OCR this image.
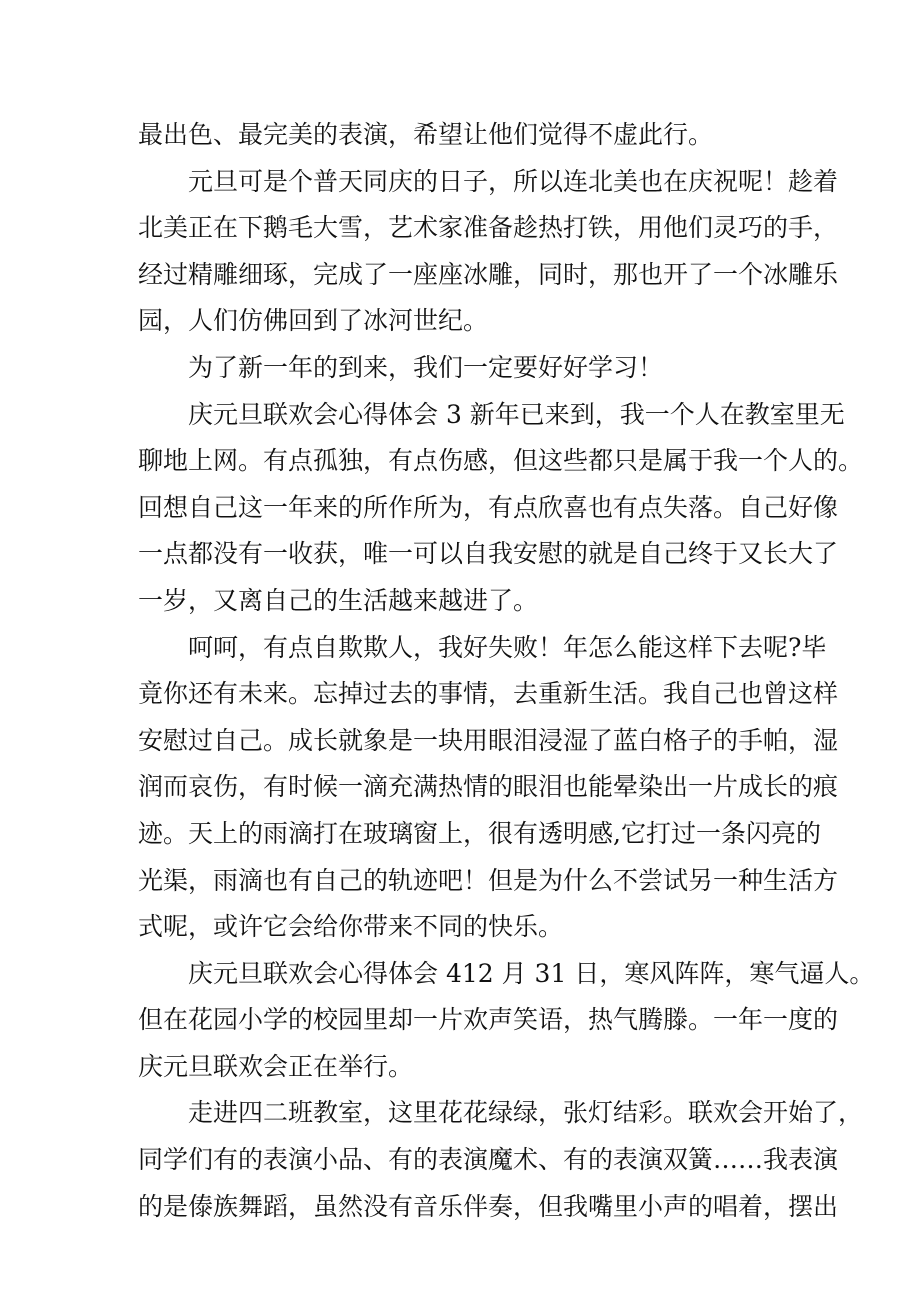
最出色、最完美的表演，希望让他们觉得不虚此行。
元旦可是个普天同庆的日子，所以连北美也在庆祝呢！趁着
北美正在下鹅毛大雪，艺术家准备趁热打铁，用他们灵巧的手，
经过精雕细琢，完成了一座座冰雕，同时，那也开了一个冰雕乐
园，人们仿佛回到了冰河世纪。
为了新一年的到来，我们一定要好好学习！
庆元旦联欢会心得体会 3 新年已来到，我一个人在教室里无
聊地上网。有点孤独，有点伤感，但这些都只是属于我一个人的。
回想自己这一年来的所作所为，有点欣喜也有点失落。自己好像
一点都没有一收获，唯一可以自我安慰的就是自己终于又长大了
一岁，又离自己的生活越来越进了。
呵呵，有点自欺欺人，我好失败！年怎么能这样下去呢?毕
竟你还有未来。忘掉过去的事情，去重新生活。我自己也曾这样
安慰过自己。成长就象是一块用眼泪浸湿了蓝白格子的手帕，湿
润而哀伤，有时候一滴充满热情的眼泪也能晕染出一片成长的痕
迹。天上的雨滴打在玻璃窗上，很有透明感,它打过一条闪亮的
光渠，雨滴也有自己的轨迹吧！但是为什么不尝试另一种生活方
式呢，或许它会给你带来不同的快乐。
庆元旦联欢会心得体会 412 月 31 日，寒风阵阵，寒气逼人。
但在花园小学的校园里却一片欢声笑语，热气腾滕。一年一度的
庆元旦联欢会正在举行。
走进四二班教室，这里花花绿绿，张灯结彩。联欢会开始了，
同学们有的表演小品、有的表演魔术、有的表演双簧……我表演
的是傣族舞蹈，虽然没有音乐伴奏，但我嘴里小声的唱着，摆出
